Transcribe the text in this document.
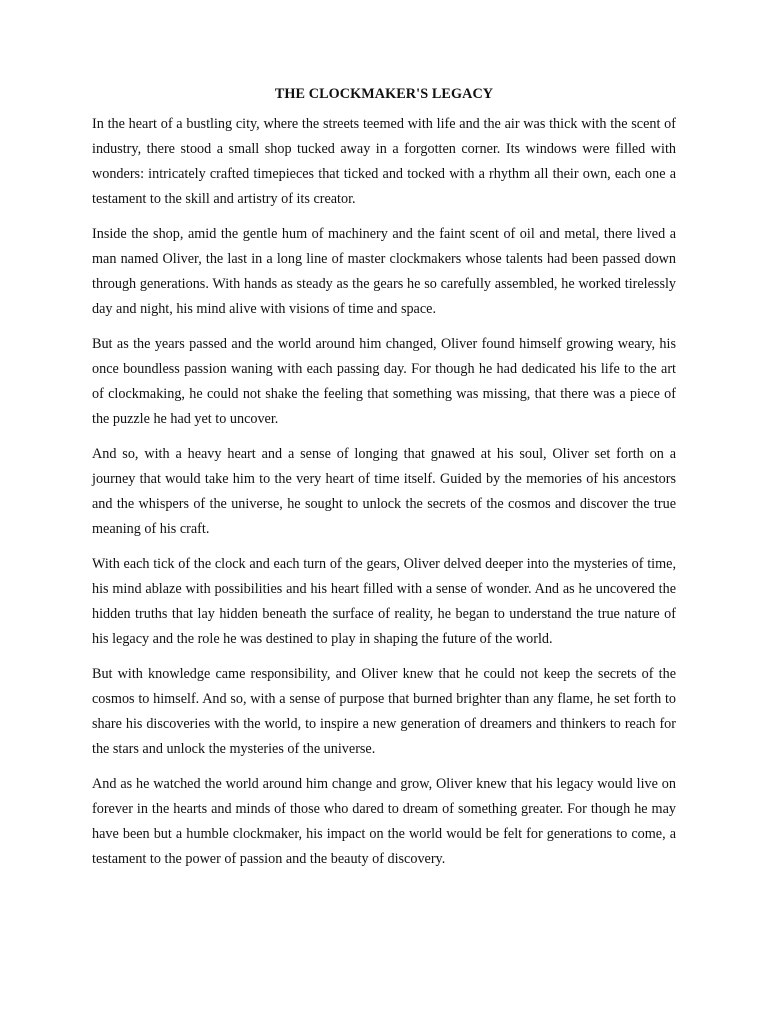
THE CLOCKMAKER'S LEGACY

In the heart of a bustling city, where the streets teemed with life and the air was thick with the scent of industry, there stood a small shop tucked away in a forgotten corner. Its windows were filled with wonders: intricately crafted timepieces that ticked and tocked with a rhythm all their own, each one a testament to the skill and artistry of its creator.

Inside the shop, amid the gentle hum of machinery and the faint scent of oil and metal, there lived a man named Oliver, the last in a long line of master clockmakers whose talents had been passed down through generations. With hands as steady as the gears he so carefully assembled, he worked tirelessly day and night, his mind alive with visions of time and space.

But as the years passed and the world around him changed, Oliver found himself growing weary, his once boundless passion waning with each passing day. For though he had dedicated his life to the art of clockmaking, he could not shake the feeling that something was missing, that there was a piece of the puzzle he had yet to uncover.

And so, with a heavy heart and a sense of longing that gnawed at his soul, Oliver set forth on a journey that would take him to the very heart of time itself. Guided by the memories of his ancestors and the whispers of the universe, he sought to unlock the secrets of the cosmos and discover the true meaning of his craft.

With each tick of the clock and each turn of the gears, Oliver delved deeper into the mysteries of time, his mind ablaze with possibilities and his heart filled with a sense of wonder. And as he uncovered the hidden truths that lay hidden beneath the surface of reality, he began to understand the true nature of his legacy and the role he was destined to play in shaping the future of the world.

But with knowledge came responsibility, and Oliver knew that he could not keep the secrets of the cosmos to himself. And so, with a sense of purpose that burned brighter than any flame, he set forth to share his discoveries with the world, to inspire a new generation of dreamers and thinkers to reach for the stars and unlock the mysteries of the universe.

And as he watched the world around him change and grow, Oliver knew that his legacy would live on forever in the hearts and minds of those who dared to dream of something greater. For though he may have been but a humble clockmaker, his impact on the world would be felt for generations to come, a testament to the power of passion and the beauty of discovery.
